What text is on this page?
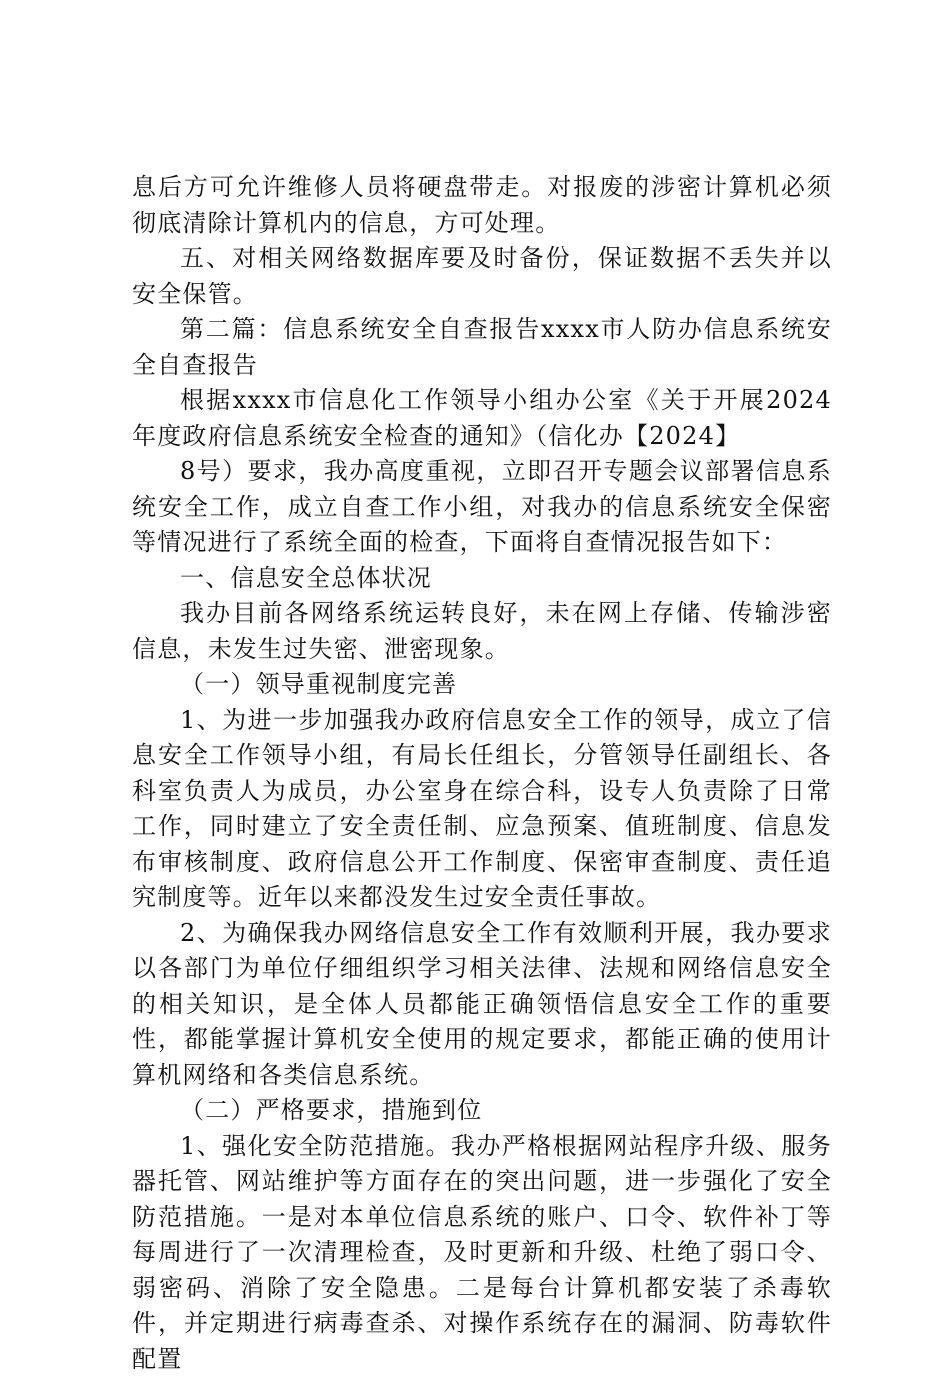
息后方可允许维修人员将硬盘带走。对报废的涉密计算机必须彻底清除计算机内的信息，方可处理。

五、对相关网络数据库要及时备份，保证数据不丢失并以安全保管。

第二篇：信息系统安全自查报告xxxx市人防办信息系统安全自查报告

根据xxxx市信息化工作领导小组办公室《关于开展2024年度政府信息系统安全检查的通知》（信化办【2024】

8号）要求，我办高度重视，立即召开专题会议部署信息系统安全工作，成立自查工作小组，对我办的信息系统安全保密等情况进行了系统全面的检查，下面将自查情况报告如下：

一、信息安全总体状况

我办目前各网络系统运转良好，未在网上存储、传输涉密信息，未发生过失密、泄密现象。

（一）领导重视制度完善

1、为进一步加强我办政府信息安全工作的领导，成立了信息安全工作领导小组，有局长任组长，分管领导任副组长、各科室负责人为成员，办公室身在综合科，设专人负责除了日常工作，同时建立了安全责任制、应急预案、值班制度、信息发布审核制度、政府信息公开工作制度、保密审查制度、责任追究制度等。近年以来都没发生过安全责任事故。

2、为确保我办网络信息安全工作有效顺利开展，我办要求以各部门为单位仔细组织学习相关法律、法规和网络信息安全的相关知识，是全体人员都能正确领悟信息安全工作的重要性，都能掌握计算机安全使用的规定要求，都能正确的使用计算机网络和各类信息系统。

（二）严格要求，措施到位

1、强化安全防范措施。我办严格根据网站程序升级、服务器托管、网站维护等方面存在的突出问题，进一步强化了安全防范措施。一是对本单位信息系统的账户、口令、软件补丁等每周进行了一次清理检查，及时更新和升级、杜绝了弱口令、弱密码、消除了安全隐患。二是每台计算机都安装了杀毒软件，并定期进行病毒查杀、对操作系统存在的漏洞、防毒软件配置
